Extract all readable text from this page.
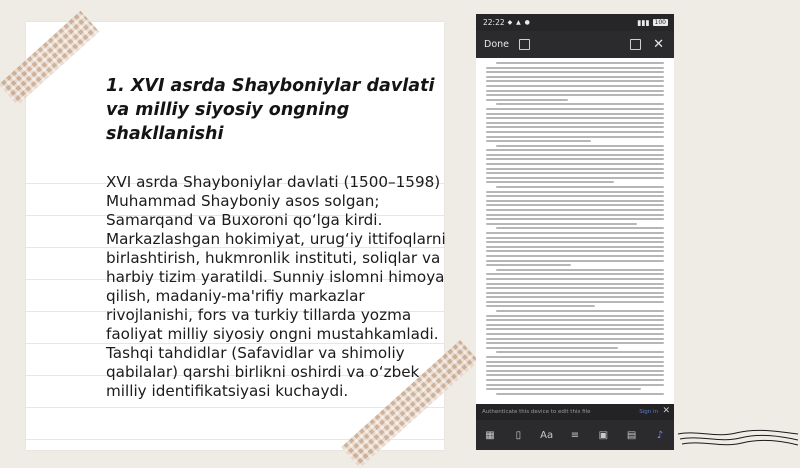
1. XVI asrda Shayboniylar davlati va milliy siyosiy ongning shakllanishi

XVI asrda Shayboniylar davlati (1500–1598) Muhammad Shayboniy asos solgan; Samarqand va Buxoroni qo‘lga kirdi. Markazlashgan hokimiyat, urug‘iy ittifoqlarni birlashtirish, hukmronlik instituti, soliqlar va harbiy tizim yaratildi. Sunniy islomni himoya qilish, madaniy-ma'rifiy markazlar rivojlanishi, fors va turkiy tillarda yozma faoliyat milliy siyosiy ongni mustahkamladi. Tashqi tahdidlar (Safavidlar va shimoliy qabilalar) qarshi birlikni oshirdi va o‘zbek milliy identifikatsiyasi kuchaydi.

22:22 ◆ ▲ ●	▮▮▮ 100
Done	✕
Authenticate this device to edit this file	Sign in ✕
▦	▯	Aa	≡	▣	▤	♪
